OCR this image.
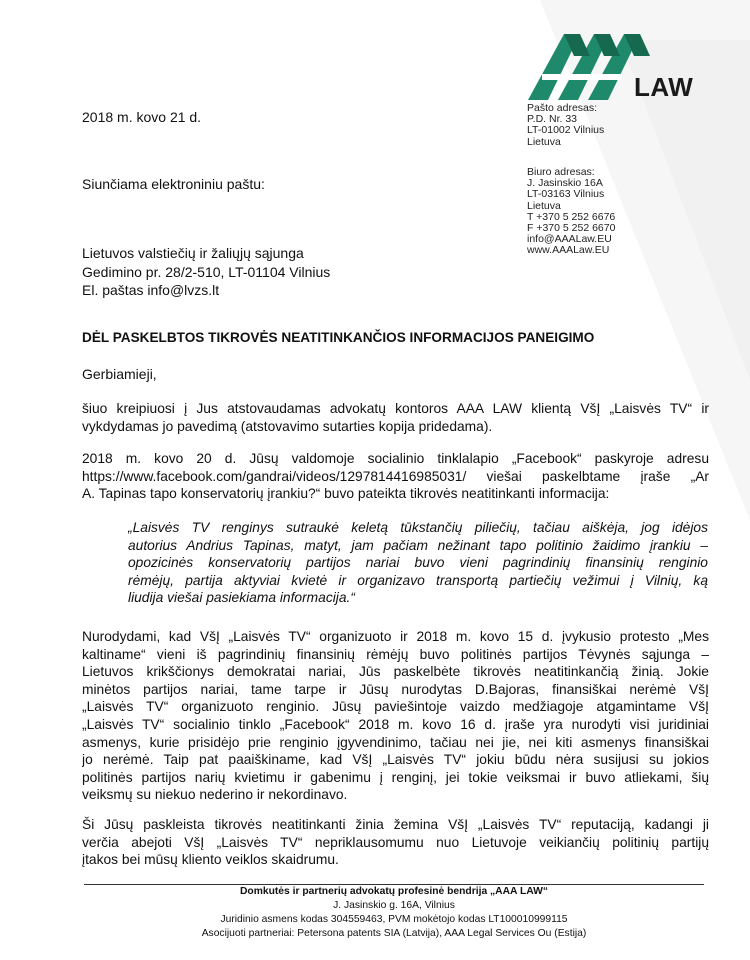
LAW
Pašto adresas:
P.D. Nr. 33
LT-01002 Vilnius
Lietuva
Biuro adresas:
J. Jasinskio 16A
LT-03163 Vilnius
Lietuva
T +370 5 252 6676
F +370 5 252 6670
info@AAALaw.EU
www.AAALaw.EU
2018 m. kovo 21 d.
Siunčiama elektroniniu paštu:
Lietuvos valstiečių ir žaliųjų sąjunga
Gedimino pr. 28/2-510, LT-01104 Vilnius
El. paštas info@lvzs.lt
DĖL PASKELBTOS TIKROVĖS NEATITINKANČIOS INFORMACIJOS PANEIGIMO
Gerbiamieji,
šiuo kreipiuosi į Jus atstovaudamas advokatų kontoros AAA LAW klientą VšĮ „Laisvės TV“ ir
vykdydamas jo pavedimą (atstovavimo sutarties kopija pridedama).
2018 m. kovo 20 d. Jūsų valdomoje socialinio tinklalapio „Facebook“ paskyroje adresu
https://www.facebook.com/gandrai/videos/1297814416985031/ viešai paskelbtame įraše „Ar
A. Tapinas tapo konservatorių įrankiu?“ buvo pateikta tikrovės neatitinkanti informacija:
„Laisvės TV renginys sutraukė keletą tūkstančių piliečių, tačiau aiškėja, jog idėjos
autorius Andrius Tapinas, matyt, jam pačiam nežinant tapo politinio žaidimo įrankiu –
opozicinės konservatorių partijos nariai buvo vieni pagrindinių finansinių renginio
rėmėjų, partija aktyviai kvietė ir organizavo transportą partiečių vežimui į Vilnių, ką
liudija viešai pasiekiama informacija.“
Nurodydami, kad VšĮ „Laisvės TV“ organizuoto ir 2018 m. kovo 15 d. įvykusio protesto „Mes
kaltiname“ vieni iš pagrindinių finansinių rėmėjų buvo politinės partijos Tėvynės sąjunga –
Lietuvos krikščionys demokratai nariai, Jūs paskelbėte tikrovės neatitinkančią žinią. Jokie
minėtos partijos nariai, tame tarpe ir Jūsų nurodytas D.Bajoras, finansiškai nerėmė VšĮ
„Laisvės TV“ organizuoto renginio. Jūsų paviešintoje vaizdo medžiagoje atgamintame VšĮ
„Laisvės TV“ socialinio tinklo „Facebook“ 2018 m. kovo 16 d. įraše yra nurodyti visi juridiniai
asmenys, kurie prisidėjo prie renginio įgyvendinimo, tačiau nei jie, nei kiti asmenys finansiškai
jo nerėmė. Taip pat paaiškiname, kad VšĮ „Laisvės TV“ jokiu būdu nėra susijusi su jokios
politinės partijos narių kvietimu ir gabenimu į renginį, jei tokie veiksmai ir buvo atliekami, šių
veiksmų su niekuo nederino ir nekordinavo.
Ši Jūsų paskleista tikrovės neatitinkanti žinia žemina VšĮ „Laisvės TV“ reputaciją, kadangi ji
verčia abejoti VšĮ „Laisvės TV“ nepriklausomumu nuo Lietuvoje veikiančių politinių partijų
įtakos bei mūsų kliento veiklos skaidrumu.
Domkutės ir partnerių advokatų profesinė bendrija „AAA LAW“
J. Jasinskio g. 16A, Vilnius
Juridinio asmens kodas 304559463, PVM mokėtojo kodas LT100010999115
Asocijuoti partneriai: Petersona patents SIA (Latvija), AAA Legal Services Ou (Estija)
